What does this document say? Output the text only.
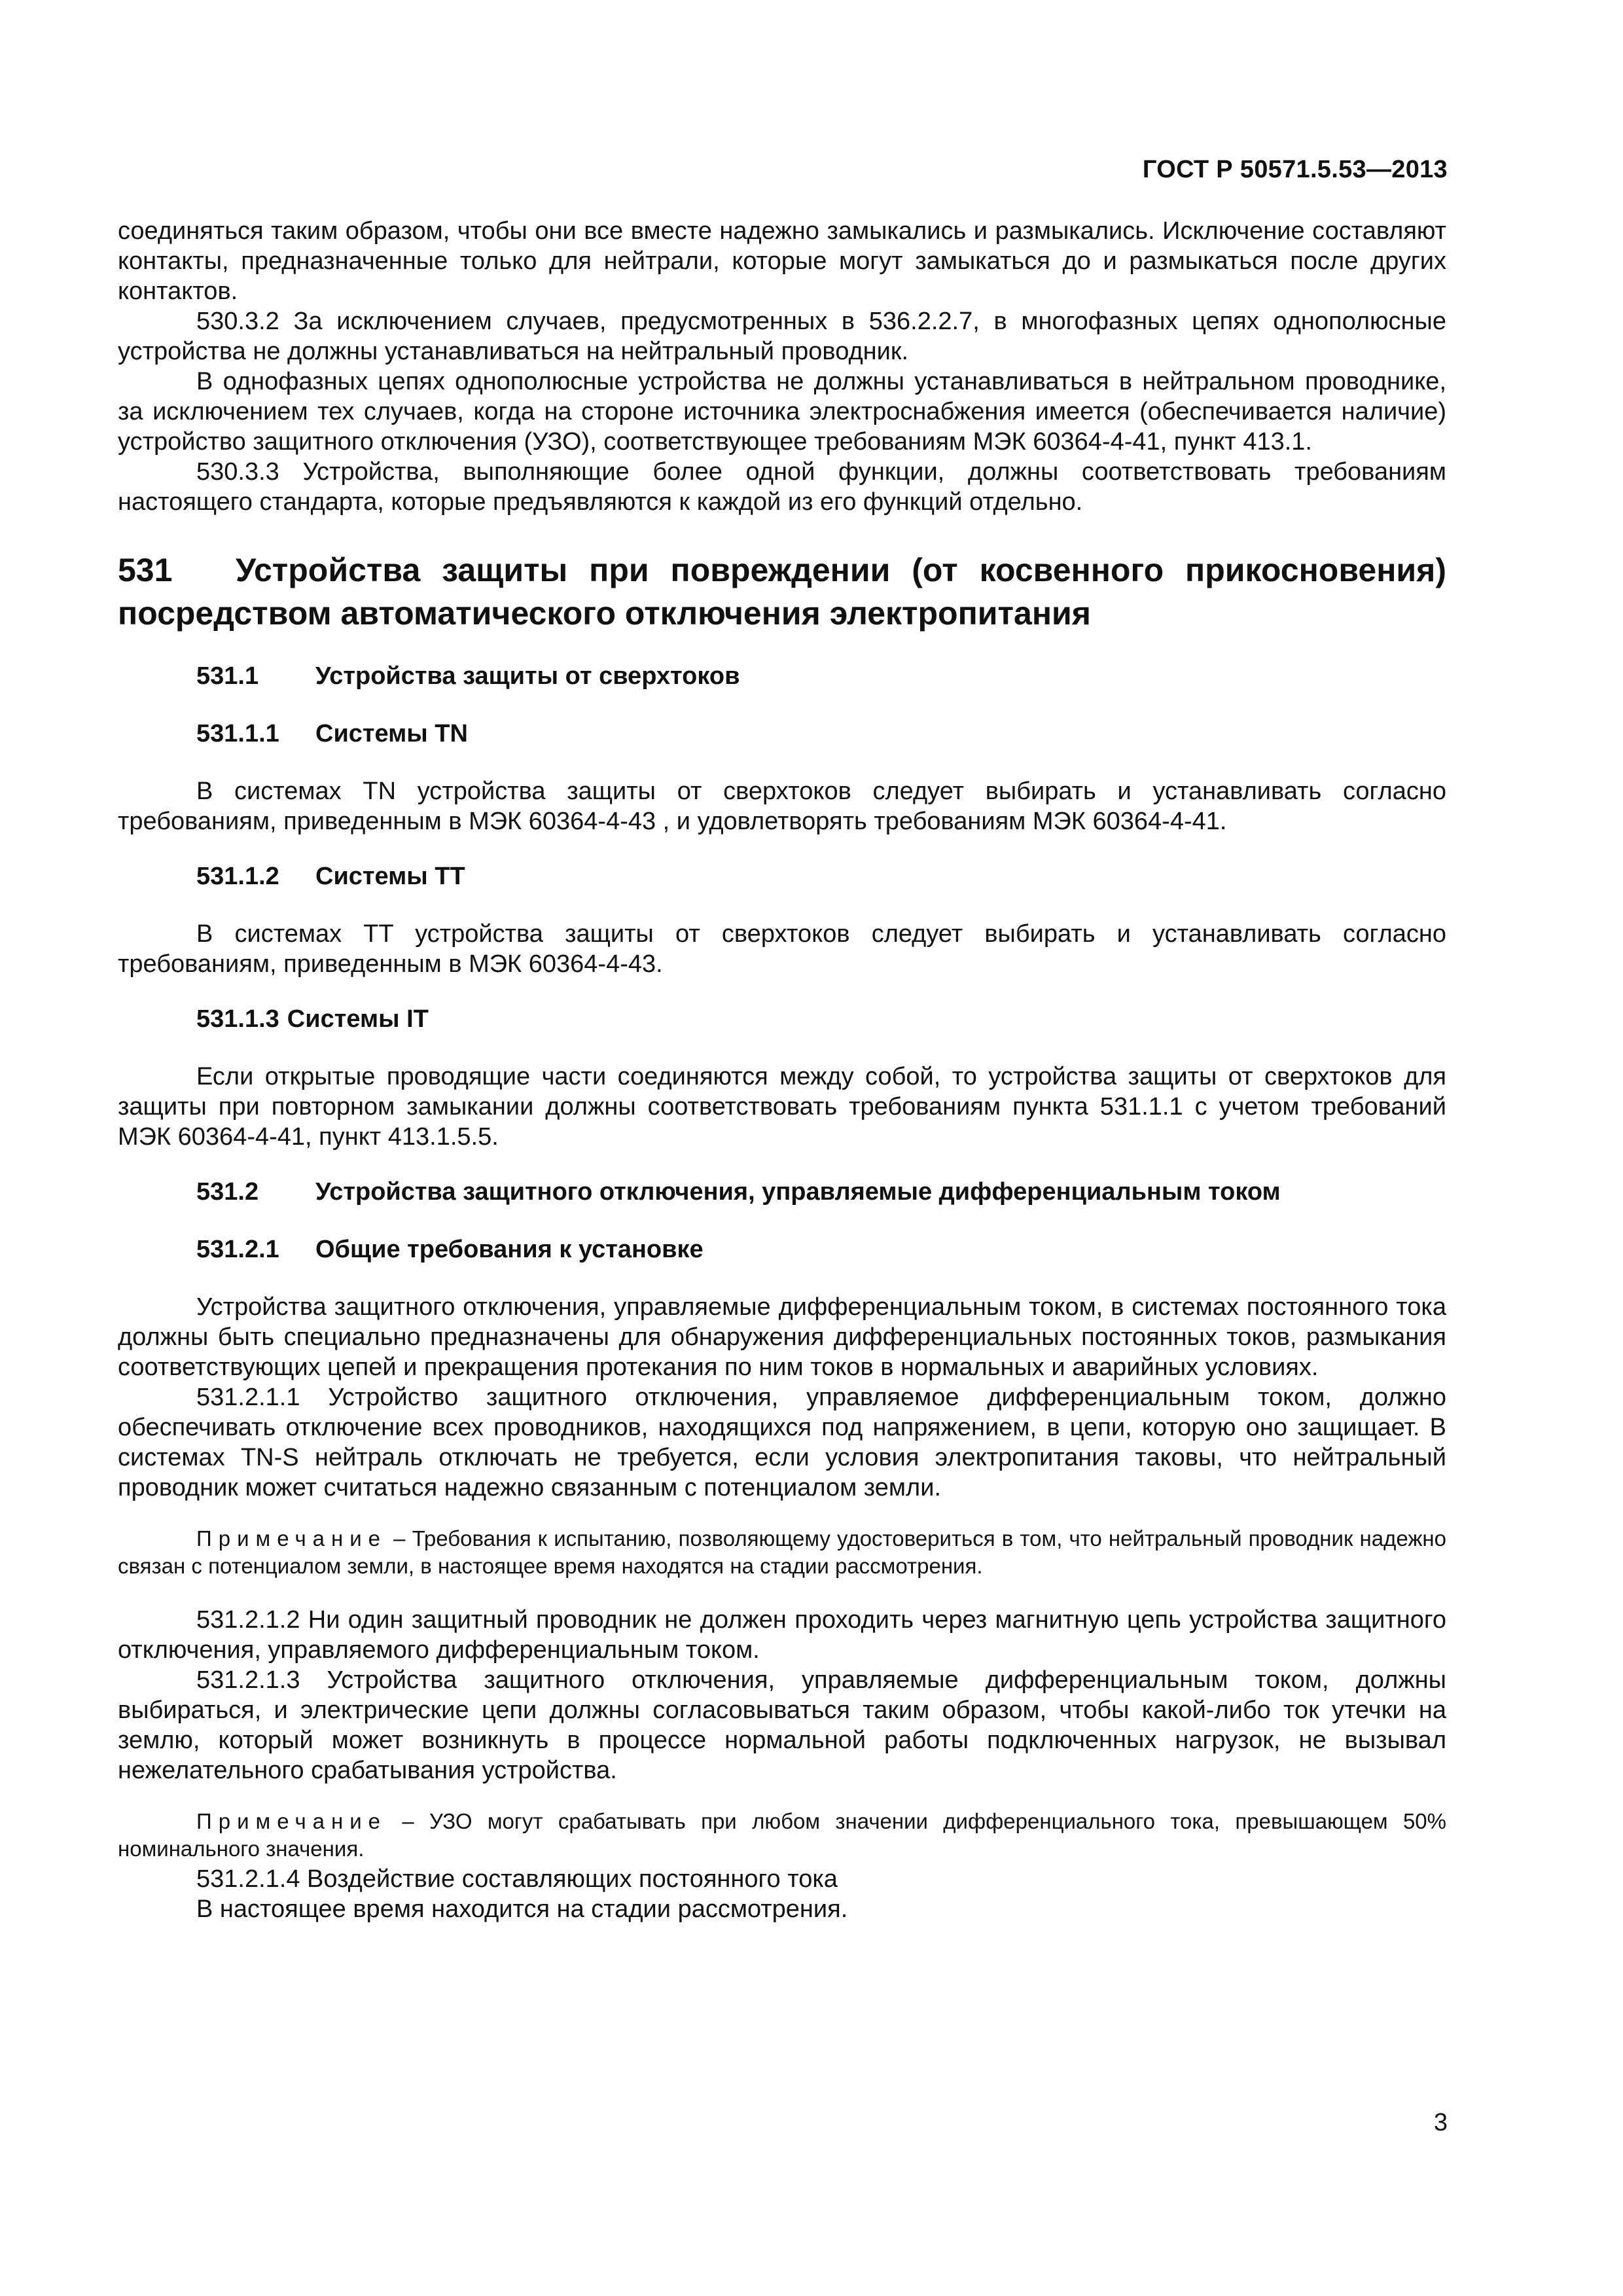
ГОСТ Р 50571.5.53—2013

соединяться таким образом, чтобы они все вместе надежно замыкались и размыкались. Исключение составляют контакты, предназначенные только для нейтрали, которые могут замыкаться до и размыкаться после других контактов.

530.3.2 За исключением случаев, предусмотренных в 536.2.2.7, в многофазных цепях однополюсные устройства не должны устанавливаться на нейтральный проводник.

В однофазных цепях однополюсные устройства не должны устанавливаться в нейтральном проводнике, за исключением тех случаев, когда на стороне источника электроснабжения имеется (обеспечивается наличие) устройство защитного отключения (УЗО), соответствующее требованиям МЭК 60364-4-41, пункт 413.1.

530.3.3 Устройства, выполняющие более одной функции, должны соответствовать требованиям настоящего стандарта, которые предъявляются к каждой из его функций отдельно.

531 Устройства защиты при повреждении (от косвенного прикосновения) посредством автоматического отключения электропитания
531.1	Устройства защиты от сверхтоков
531.1.1	Системы TN

В системах TN устройства защиты от сверхтоков следует выбирать и устанавливать согласно требованиям, приведенным в МЭК 60364-4-43 , и удовлетворять требованиям МЭК 60364-4-41.

531.1.2	Системы TT

В системах TT устройства защиты от сверхтоков следует выбирать и устанавливать согласно требованиям, приведенным в МЭК 60364-4-43.

531.1.3 Системы IT

Если открытые проводящие части соединяются между собой, то устройства защиты от сверхтоков для защиты при повторном замыкании должны соответствовать требованиям пункта 531.1.1 с учетом требований МЭК 60364-4-41, пункт 413.1.5.5.

531.2	Устройства защитного отключения, управляемые дифференциальным током
531.2.1	Общие требования к установке

Устройства защитного отключения, управляемые дифференциальным током, в системах постоянного тока должны быть специально предназначены для обнаружения дифференциальных постоянных токов, размыкания соответствующих цепей и прекращения протекания по ним токов в нормальных и аварийных условиях.

531.2.1.1 Устройство защитного отключения, управляемое дифференциальным током, должно обеспечивать отключение всех проводников, находящихся под напряжением, в цепи, которую оно защищает. В системах TN-S нейтраль отключать не требуется, если условия электропитания таковы, что нейтральный проводник может считаться надежно связанным с потенциалом земли.

Примечание – Требования к испытанию, позволяющему удостовериться в том, что нейтральный проводник надежно связан с потенциалом земли, в настоящее время находятся на стадии рассмотрения.

531.2.1.2 Ни один защитный проводник не должен проходить через магнитную цепь устройства защитного отключения, управляемого дифференциальным током.

531.2.1.3 Устройства защитного отключения, управляемые дифференциальным током, должны выбираться, и электрические цепи должны согласовываться таким образом, чтобы какой-либо ток утечки на землю, который может возникнуть в процессе нормальной работы подключенных нагрузок, не вызывал нежелательного срабатывания устройства.

Примечание – УЗО могут срабатывать при любом значении дифференциального тока, превышающем 50% номинального значения.

531.2.1.4 Воздействие составляющих постоянного тока

В настоящее время находится на стадии рассмотрения.

3
